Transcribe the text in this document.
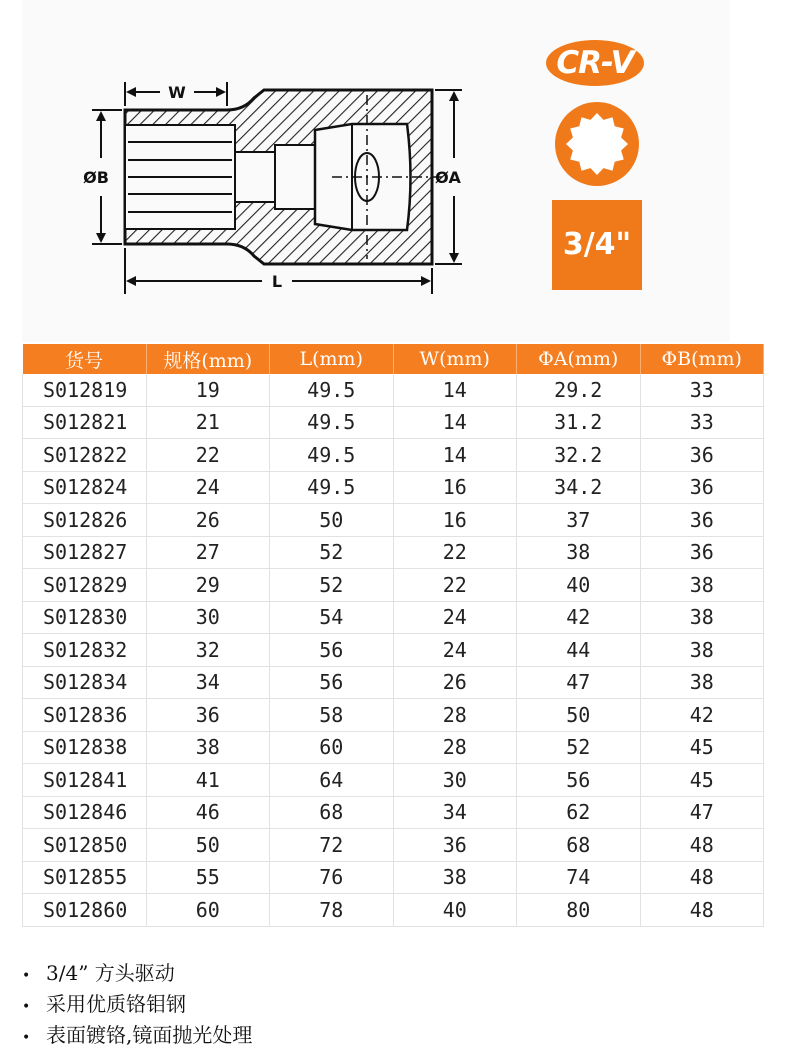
W
ØB	ØA
L
CR-V
3/4"
货号	规格(mm)	L(mm)	W(mm)	ΦA(mm)	ΦB(mm)
S012819	19	49.5	14	29.2	33
S012821	21	49.5	14	31.2	33
S012822	22	49.5	14	32.2	36
S012824	24	49.5	16	34.2	36
S012826	26	50	16	37	36
S012827	27	52	22	38	36
S012829	29	52	22	40	38
S012830	30	54	24	42	38
S012832	32	56	24	44	38
S012834	34	56	26	47	38
S012836	36	58	28	50	42
S012838	38	60	28	52	45
S012841	41	64	30	56	45
S012846	46	68	34	62	47
S012850	50	72	36	68	48
S012855	55	76	38	74	48
S012860	60	78	40	80	48
• 3/4” 方头驱动
• 采用优质铬钼钢
• 表面镀铬,镜面抛光处理
